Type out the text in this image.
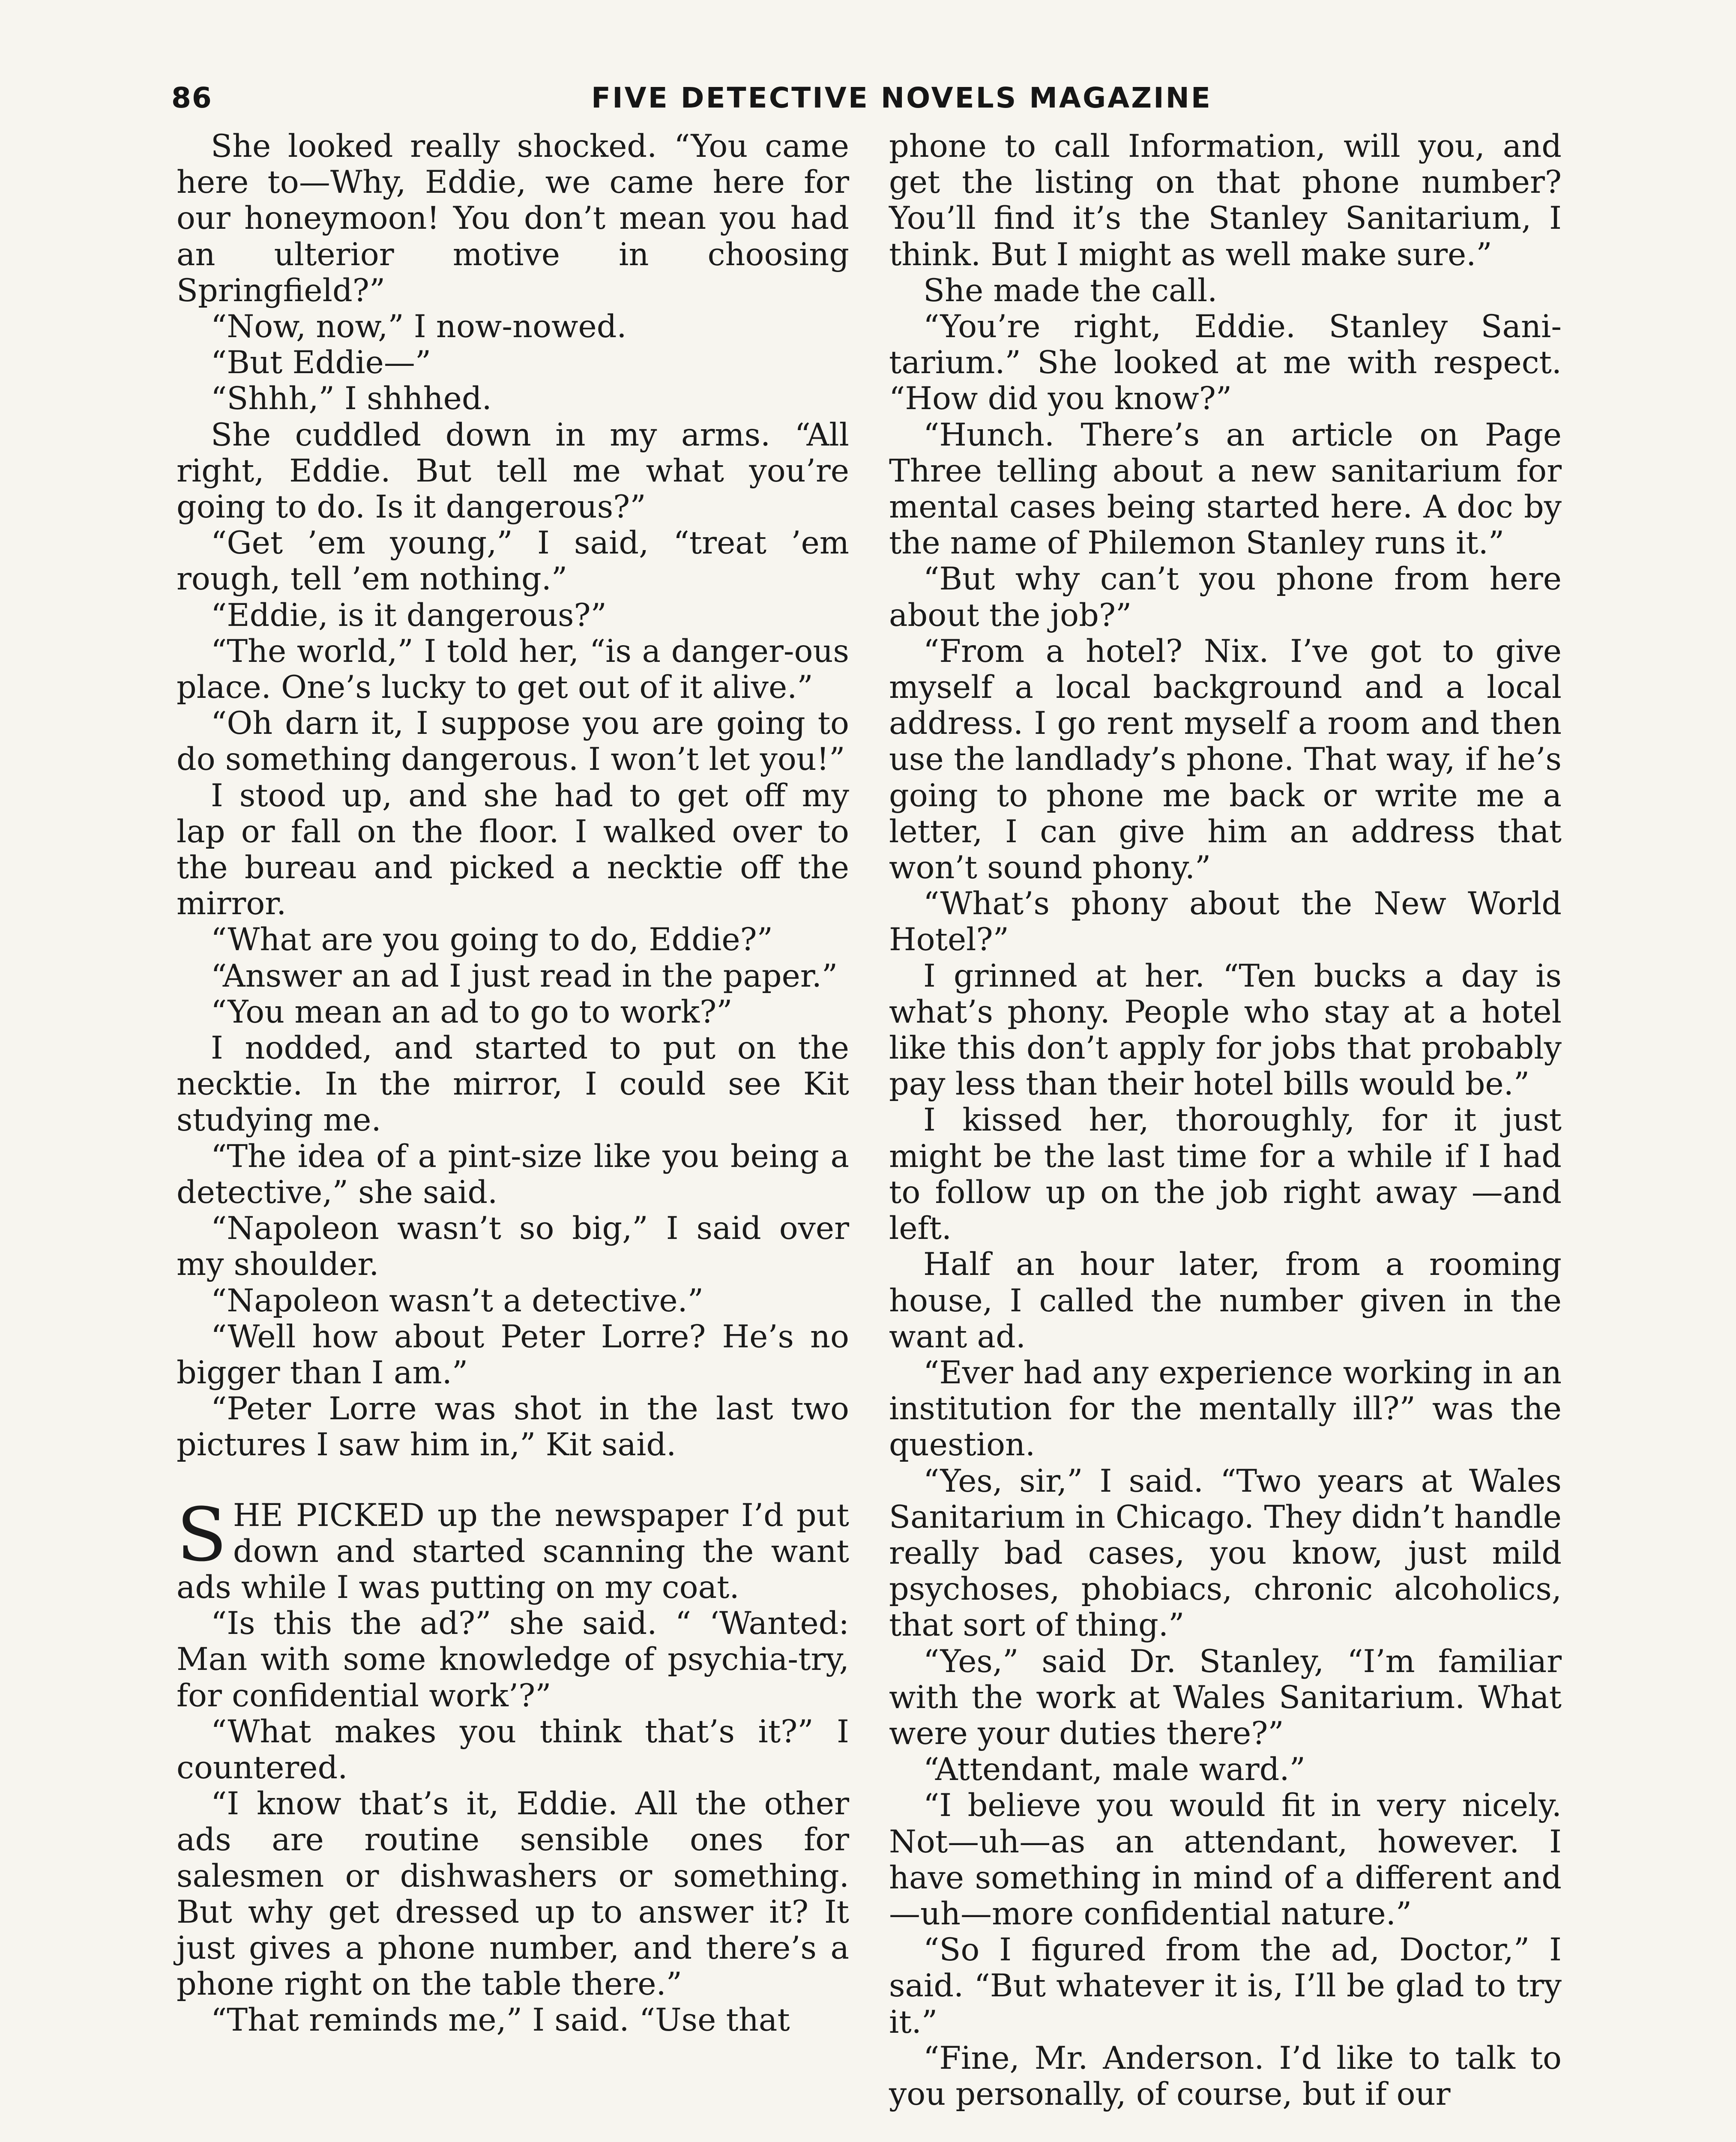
86	FIVE DETECTIVE NOVELS MAGAZINE

She looked really shocked. “You came here to—Why, Eddie, we came here for our honeymoon! You don’t mean you had an ulterior motive in choosing Springfield?”

“Now, now,” I now-nowed.

“But Eddie—”

“Shhh,” I shhhed.

She cuddled down in my arms. “All right, Eddie. But tell me what you’re going to do. Is it dangerous?”

“Get ’em young,” I said, “treat ’em rough, tell ’em nothing.”

“Eddie, is it dangerous?”

“The world,” I told her, “is a danger-ous place. One’s lucky to get out of it alive.”

“Oh darn it, I suppose you are going to do something dangerous. I won’t let you!”

I stood up, and she had to get off my lap or fall on the floor. I walked over to the bureau and picked a necktie off the mirror.

“What are you going to do, Eddie?”

“Answer an ad I just read in the paper.”

“You mean an ad to go to work?”

I nodded, and started to put on the necktie. In the mirror, I could see Kit studying me.

“The idea of a pint-size like you being a detective,” she said.

“Napoleon wasn’t so big,” I said over my shoulder.

“Napoleon wasn’t a detective.”

“Well how about Peter Lorre? He’s no bigger than I am.”

“Peter Lorre was shot in the last two pictures I saw him in,” Kit said.

SHE PICKED up the newspaper I’d put down and started scanning the want ads while I was putting on my coat.

“Is this the ad?” she said. “ ‘Wanted: Man with some knowledge of psychia-try, for confidential work’?”

“What makes you think that’s it?” I countered.

“I know that’s it, Eddie. All the other ads are routine sensible ones for salesmen or dishwashers or something. But why get dressed up to answer it? It just gives a phone number, and there’s a phone right on the table there.”

“That reminds me,” I said. “Use that

phone to call Information, will you, and get the listing on that phone number? You’ll find it’s the Stanley Sanitarium, I think. But I might as well make sure.”

She made the call.

“You’re right, Eddie. Stanley Sani-tarium.” She looked at me with respect. “How did you know?”

“Hunch. There’s an article on Page Three telling about a new sanitarium for mental cases being started here. A doc by the name of Philemon Stanley runs it.”

“But why can’t you phone from here about the job?”

“From a hotel? Nix. I’ve got to give myself a local background and a local address. I go rent myself a room and then use the landlady’s phone. That way, if he’s going to phone me back or write me a letter, I can give him an address that won’t sound phony.”

“What’s phony about the New World Hotel?”

I grinned at her. “Ten bucks a day is what’s phony. People who stay at a hotel like this don’t apply for jobs that probably pay less than their hotel bills would be.”

I kissed her, thoroughly, for it just might be the last time for a while if I had to follow up on the job right away —and left.

Half an hour later, from a rooming house, I called the number given in the want ad.

“Ever had any experience working in an institution for the mentally ill?” was the question.

“Yes, sir,” I said. “Two years at Wales Sanitarium in Chicago. They didn’t handle really bad cases, you know, just mild psychoses, phobiacs, chronic alcoholics, that sort of thing.”

“Yes,” said Dr. Stanley, “I’m familiar with the work at Wales Sanitarium. What were your duties there?”

“Attendant, male ward.”

“I believe you would fit in very nicely. Not—uh—as an attendant, however. I have something in mind of a different and—uh—more confidential nature.”

“So I figured from the ad, Doctor,” I said. “But whatever it is, I’ll be glad to try it.”

“Fine, Mr. Anderson. I’d like to talk to you personally, of course, but if our
